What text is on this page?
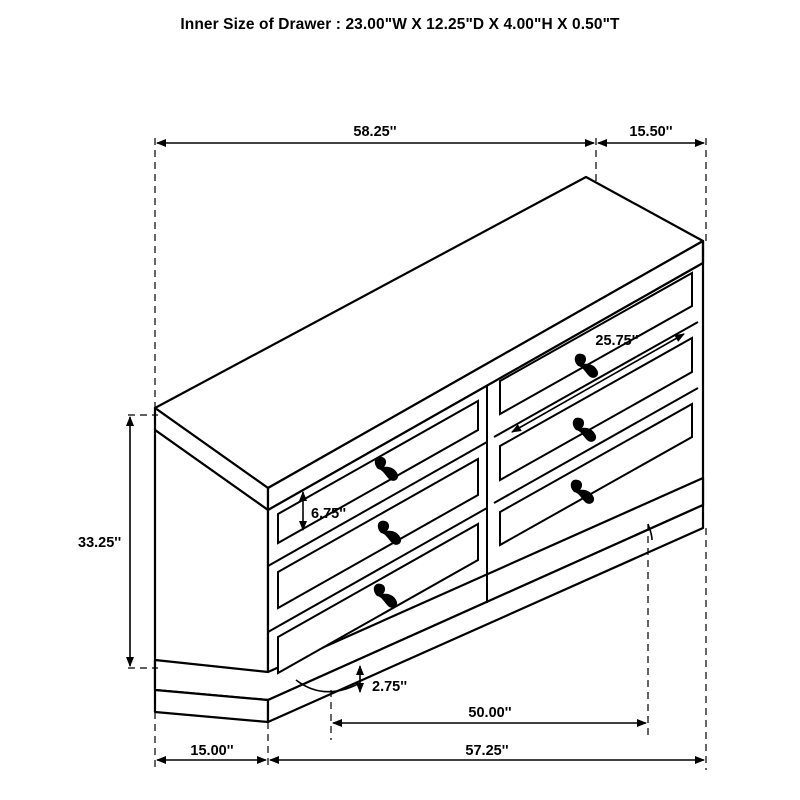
Inner Size of Drawer : 23.00"W X 12.25"D X 4.00"H X 0.50"T
58.25''	15.50''
33.25''
25.75''
6.75''
2.75''
50.00''
15.00''	57.25''
